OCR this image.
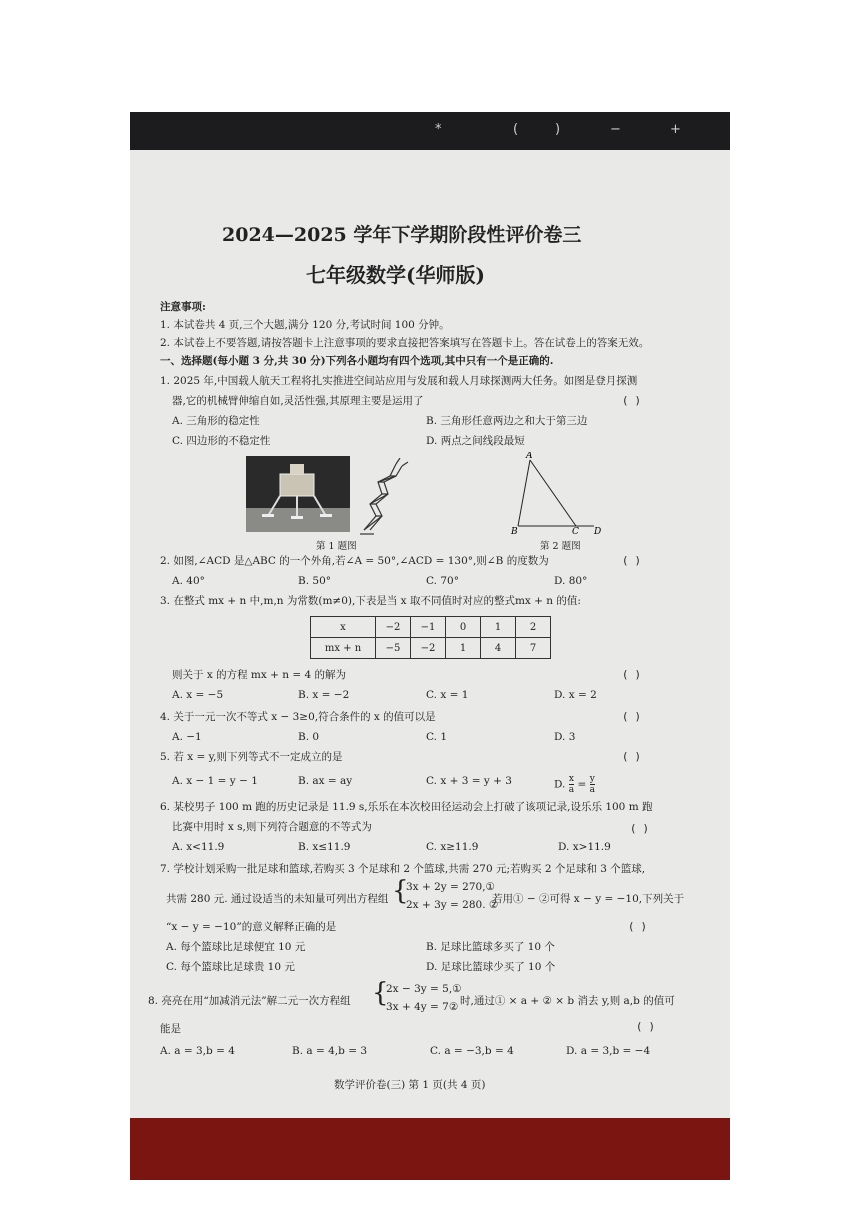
*	(	)	−	+
2024—2025 学年下学期阶段性评价卷三
七年级数学(华师版)
注意事项:
1. 本试卷共 4 页,三个大题,满分 120 分,考试时间 100 分钟。
2. 本试卷上不要答题,请按答题卡上注意事项的要求直接把答案填写在答题卡上。答在试卷上的答案无效。
一、选择题(每小题 3 分,共 30 分)下列各小题均有四个选项,其中只有一个是正确的.
1. 2025 年,中国载人航天工程将扎实推进空间站应用与发展和载人月球探测两大任务。如图是登月探测
器,它的机械臂伸缩自如,灵活性强,其原理主要是运用了	( )
A. 三角形的稳定性	B. 三角形任意两边之和大于第三边
C. 四边形的不稳定性	D. 两点之间线段最短
第 1 题图
A
B	C D
第 2 题图
2. 如图,∠ACD 是△ABC 的一个外角,若∠A = 50°,∠ACD = 130°,则∠B 的度数为	( )
A. 40°	B. 50°	C. 70°	D. 80°
3. 在整式 mx + n 中,m,n 为常数(m≠0),下表是当 x 取不同值时对应的整式mx + n 的值:
x	−2	−1	0	1	2
mx + n	−5	−2	1	4	7
则关于 x 的方程 mx + n = 4 的解为	( )
A. x = −5	B. x = −2	C. x = 1	D. x = 2
4. 关于一元一次不等式 x − 3≥0,符合条件的 x 的值可以是	( )
A. −1	B. 0	C. 1	D. 3
5. 若 x = y,则下列等式不一定成立的是	( )
A. x − 1 = y − 1	B. ax = ay	C. x + 3 = y + 3	D. $\frac{x}{a} = \frac{y}{a}$
6. 某校男子 100 m 跑的历史记录是 11.9 s,乐乐在本次校田径运动会上打破了该项记录,设乐乐 100 m 跑
比赛中用时 x s,则下列符合题意的不等式为	( )
A. x<11.9	B. x≤11.9	C. x≥11.9	D. x>11.9
7. 学校计划采购一批足球和篮球,若购买 3 个足球和 2 个篮球,共需 270 元;若购买 2 个足球和 3 个篮球,
共需 280 元. 通过设适当的未知量可列出方程组 {
3x + 2y = 270,①
2x + 3y = 280. ②
若用① − ②可得 x − y = −10,下列关于
“x − y = −10”的意义解释正确的是	( )
A. 每个篮球比足球便宜 10 元	B. 足球比篮球多买了 10 个
C. 每个篮球比足球贵 10 元	D. 足球比篮球少买了 10 个
8. 亮亮在用“加减消元法”解二元一次方程组 {
2x − 3y = 5,①
3x + 4y = 7② 时,通过① × a + ② × b 消去 y,则 a,b 的值可
能是	( )
A. a = 3,b = 4	B. a = 4,b = 3	C. a = −3,b = 4	D. a = 3,b = −4
数学评价卷(三) 第 1 页(共 4 页)
